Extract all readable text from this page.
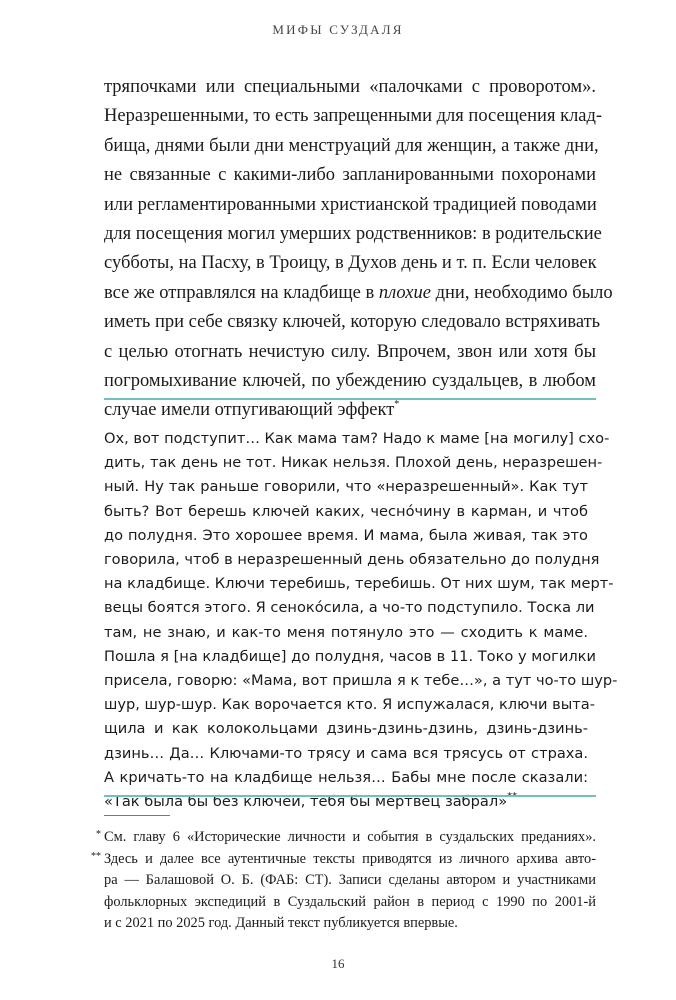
МИФЫ СУЗДАЛЯ
тряпочками или специальными «палочками с проворотом».
Неразрешенными, то есть запрещенными для посещения клад-
бища, днями были дни менструаций для женщин, а также дни,
не связанные с какими-либо запланированными похоронами
или регламентированными христианской традицией поводами
для посещения могил умерших родственников: в родительские
субботы, на Пасху, в Троицу, в Духов день и т. п. Если человек
все же отправлялся на кладбище в плохие дни, необходимо было
иметь при себе связку ключей, которую следовало встряхивать
с целью отогнать нечистую силу. Впрочем, звон или хотя бы
погромыхивание ключей, по убеждению суздальцев, в любом
случае имели отпугивающий эффект*
Ох, вот подступит… Как мама там? Надо к маме [на могилу] схо-
дить, так день не тот. Никак нельзя. Плохой день, неразрешен-
ный. Ну так раньше говорили, что «неразрешенный». Как тут
быть? Вот берешь ключей каких, чеснóчину в карман, и чтоб
до полудня. Это хорошее время. И мама, была живая, так это
говорила, чтоб в неразрешенный день обязательно до полудня
на кладбище. Ключи теребишь, теребишь. От них шум, так мерт-
вецы боятся этого. Я сенокóсила, а чо-то подступило. Тоска ли
там, не знаю, и как-то меня потянуло это — сходить к маме.
Пошла я [на кладбище] до полудня, часов в 11. Токо у могилки
присела, говорю: «Мама, вот пришла я к тебе…», а тут чо-то шур-
шур, шур-шур. Как ворочается кто. Я испужалася, ключи выта-
щила и как колокольцами дзинь-дзинь-дзинь, дзинь-дзинь-
дзинь… Да… Ключами-то трясу и сама вся трясусь от страха.
А кричать-то на кладбище нельзя… Бабы мне после сказали:
«Так была бы без ключей, тебя бы мертвец забрал»**
* См. главу 6 «Исторические личности и события в суздальских преданиях».
** Здесь и далее все аутентичные тексты приводятся из личного архива авто-
ра — Балашовой О. Б. (ФАБ: СТ). Записи сделаны автором и участниками
фольклорных экспедиций в Суздальский район в период с 1990 по 2001-й
и с 2021 по 2025 год. Данный текст публикуется впервые.
16
